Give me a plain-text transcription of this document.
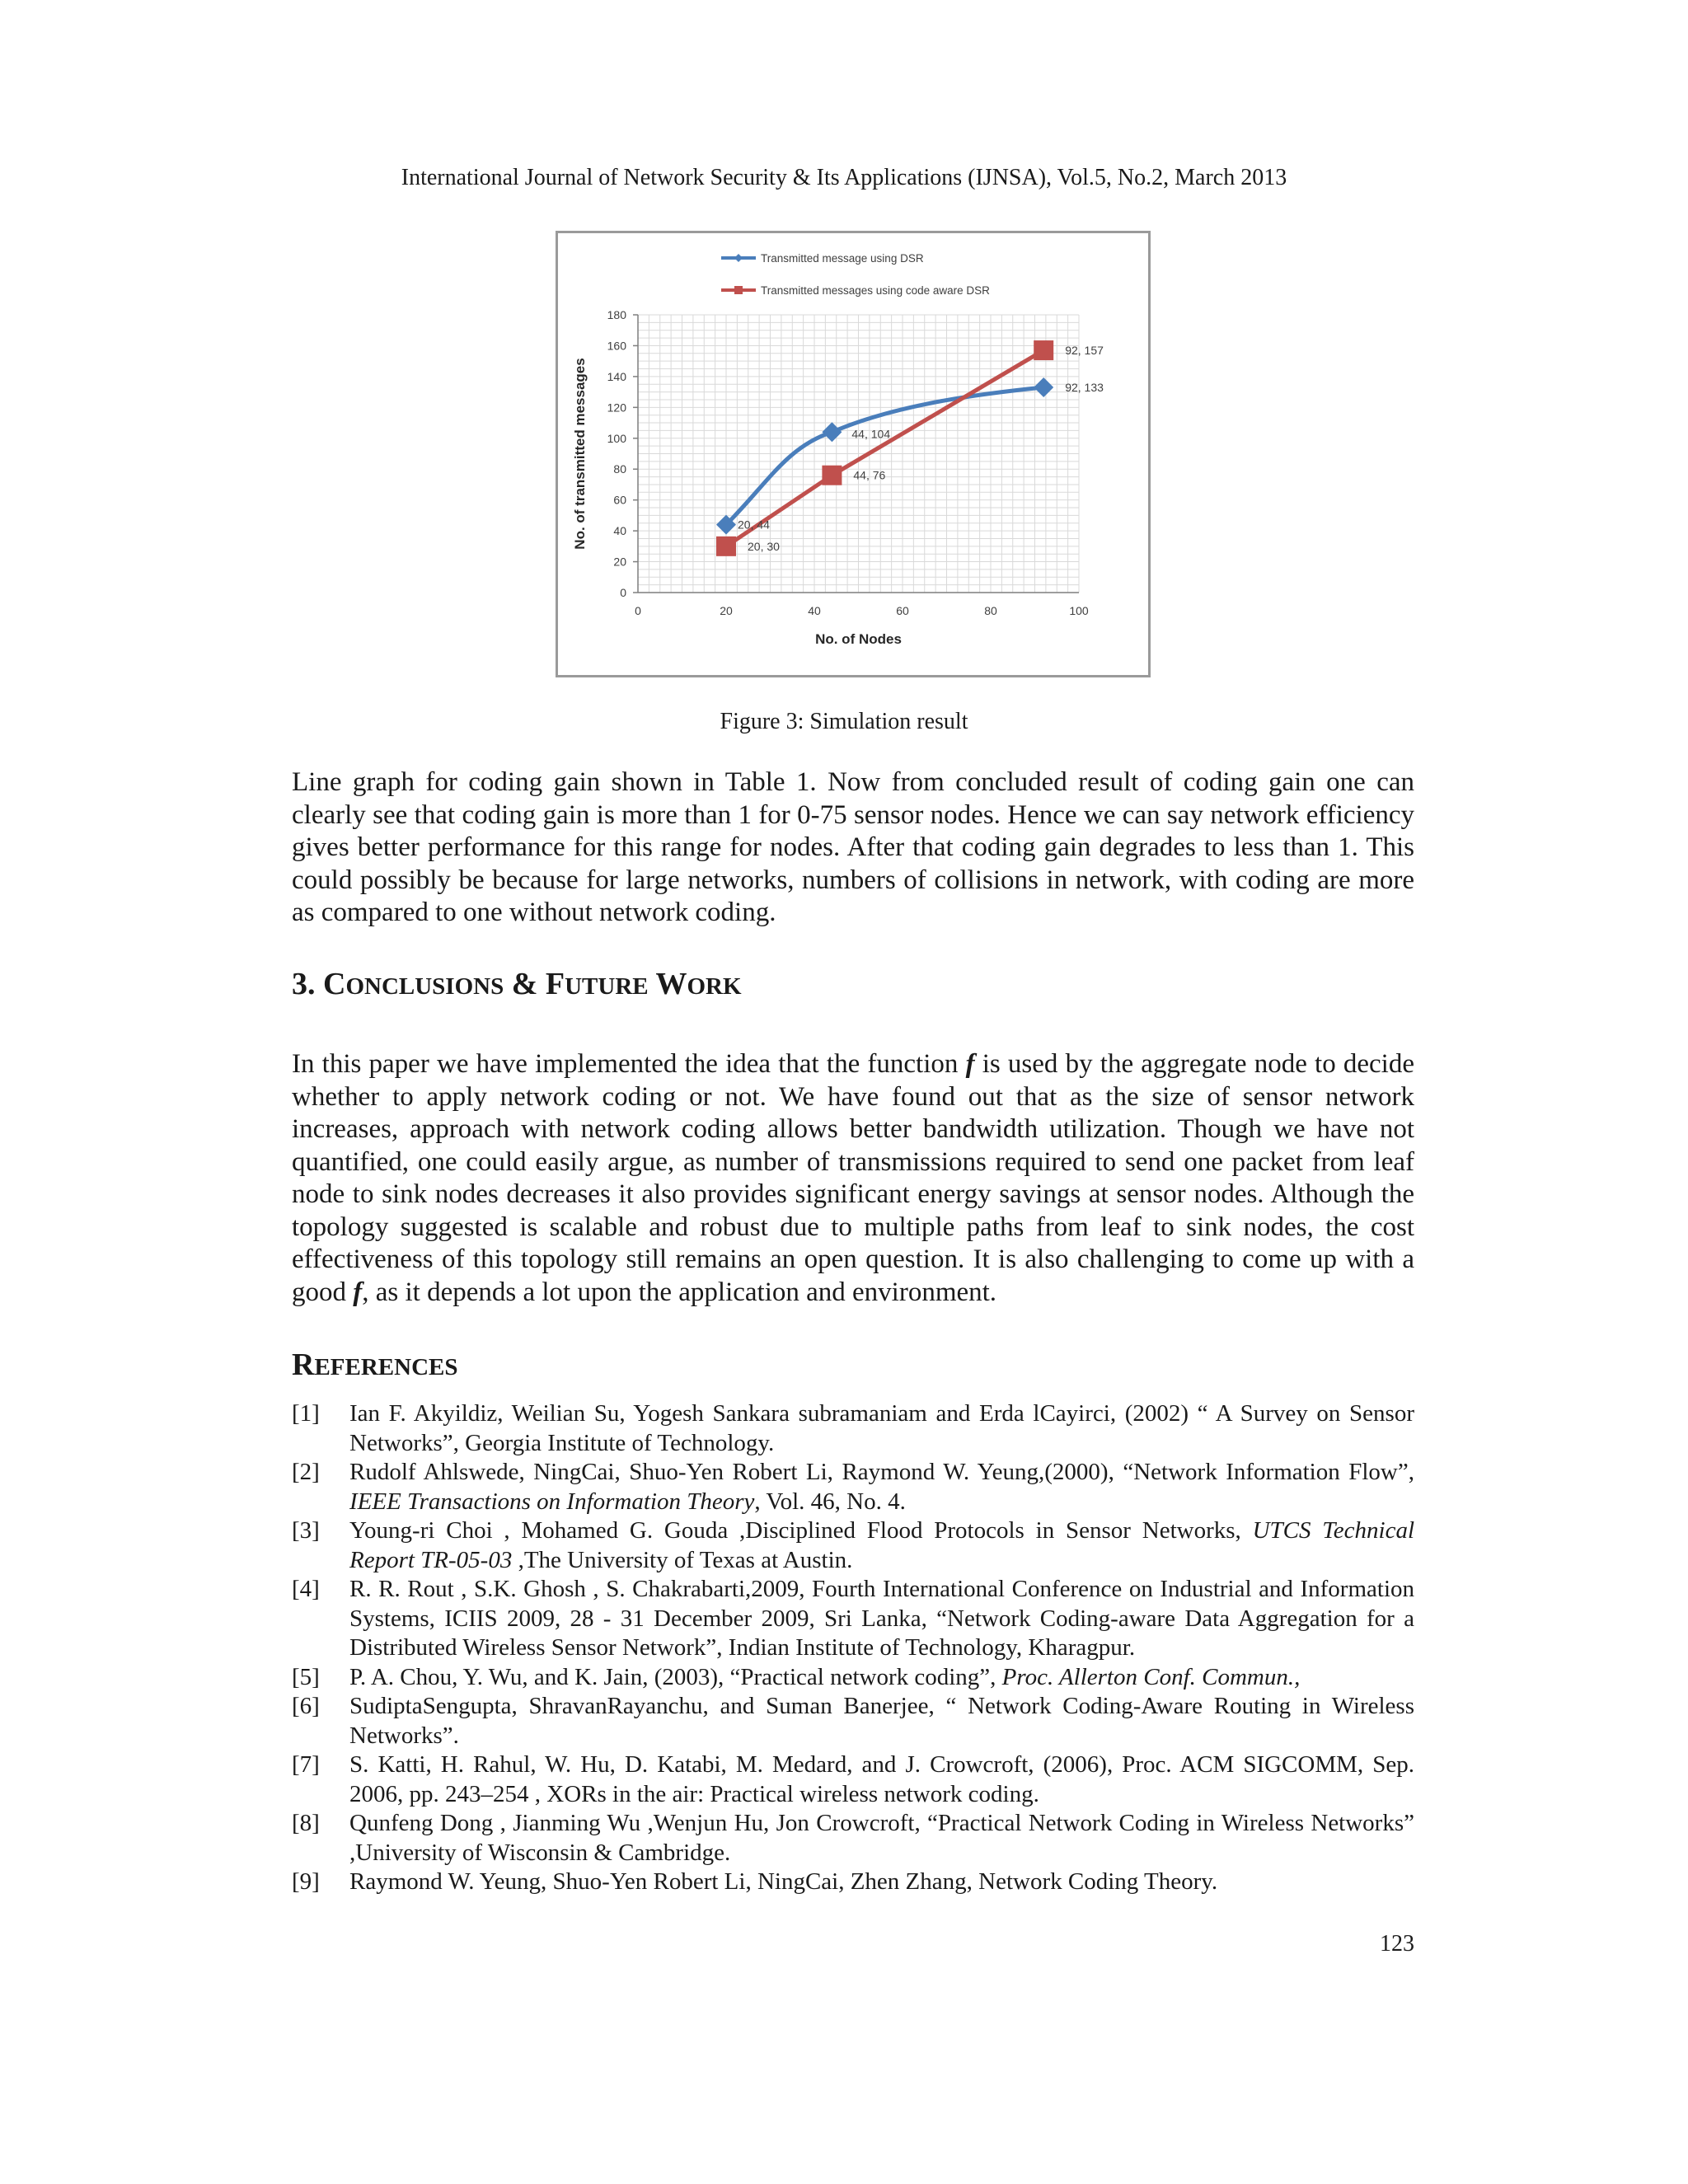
International Journal of Network Security & Its Applications (IJNSA), Vol.5, No.2, March 2013
0
20
40
60
80
100
120
140
160
180
0	20	40	60	80	100
No. of Nodes
No. of transmitted messages	20, 44
44, 104
92, 133
20, 30
44, 76
92, 157
Transmitted message using DSR
Transmitted messages using code aware DSR
Figure 3: Simulation result

Line graph for coding gain shown in Table 1. Now from concluded result of coding gain one can clearly see that coding gain is more than 1 for 0-75 sensor nodes. Hence we can say network efficiency gives better performance for this range for nodes. After that coding gain degrades to less than 1. This could possibly be because for large networks, numbers of collisions in network, with coding are more as compared to one without network coding.

3. CONCLUSIONS & FUTURE WORK

In this paper we have implemented the idea that the function f is used by the aggregate node to decide whether to apply network coding or not. We have found out that as the size of sensor network increases, approach with network coding allows better bandwidth utilization. Though we have not quantified, one could easily argue, as number of transmissions required to send one packet from leaf node to sink nodes decreases it also provides significant energy savings at sensor nodes. Although the topology suggested is scalable and robust due to multiple paths from leaf to sink nodes, the cost effectiveness of this topology still remains an open question. It is also challenging to come up with a good f, as it depends a lot upon the application and environment.

REFERENCES
[1]	Ian F. Akyildiz, Weilian Su, Yogesh Sankara subramaniam and Erda lCayirci, (2002) “ A Survey on Sensor Networks”, Georgia Institute of Technology.
[2]	Rudolf Ahlswede, NingCai, Shuo-Yen Robert Li, Raymond W. Yeung,(2000), “Network Information Flow”, IEEE Transactions on Information Theory, Vol. 46, No. 4.
[3]	Young-ri Choi , Mohamed G. Gouda ,Disciplined Flood Protocols in Sensor Networks, UTCS Technical Report TR-05-03 ,The University of Texas at Austin.
[4]	R. R. Rout , S.K. Ghosh , S. Chakrabarti,2009, Fourth International Conference on Industrial and Information Systems, ICIIS 2009, 28 - 31 December 2009, Sri Lanka, “Network Coding-aware Data Aggregation for a Distributed Wireless Sensor Network”, Indian Institute of Technology, Kharagpur.
[5]	P. A. Chou, Y. Wu, and K. Jain, (2003), “Practical network coding”, Proc. Allerton Conf. Commun.,
[6]	SudiptaSengupta, ShravanRayanchu, and Suman Banerjee, “ Network Coding-Aware Routing in Wireless Networks”.
[7]	S. Katti, H. Rahul, W. Hu, D. Katabi, M. Medard, and J. Crowcroft, (2006), Proc. ACM SIGCOMM, Sep. 2006, pp. 243–254 , XORs in the air: Practical wireless network coding.
[8]	Qunfeng Dong , Jianming Wu ,Wenjun Hu, Jon Crowcroft, “Practical Network Coding in Wireless Networks” ,University of Wisconsin & Cambridge.
[9]	Raymond W. Yeung, Shuo-Yen Robert Li, NingCai, Zhen Zhang, Network Coding Theory.
123
